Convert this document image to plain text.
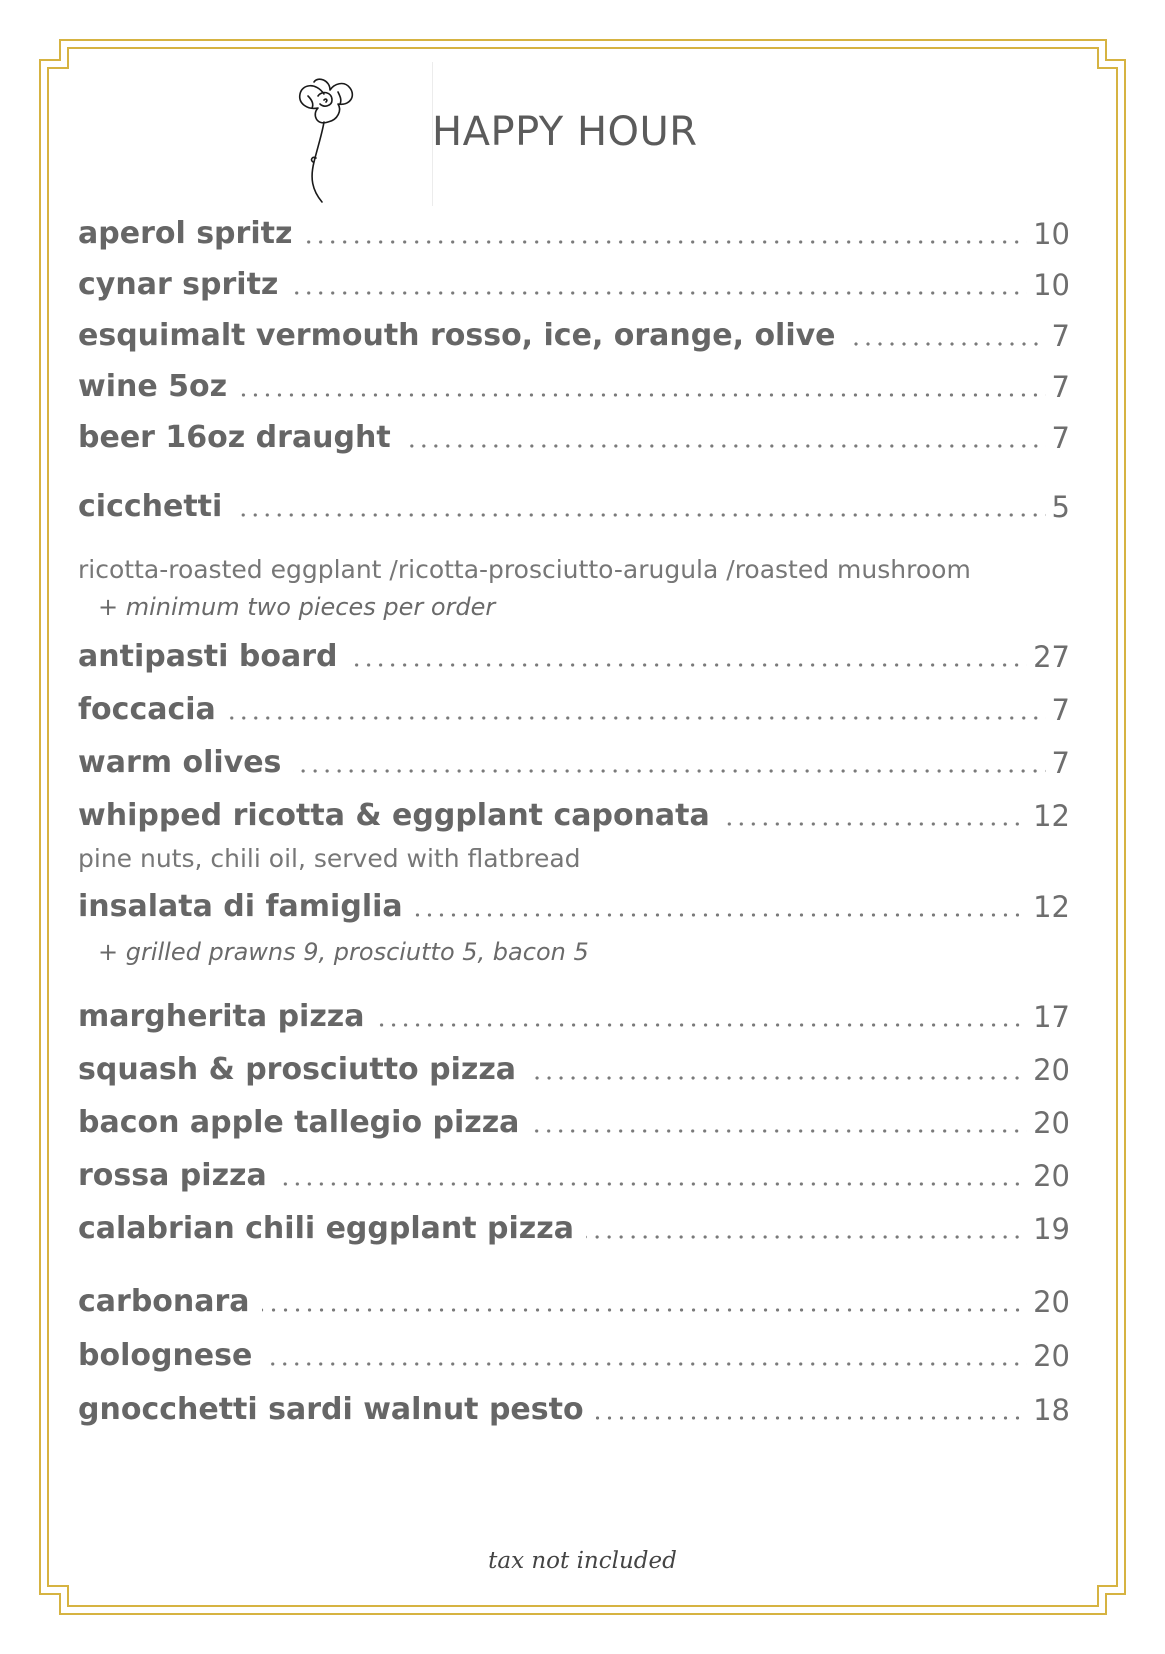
HAPPY HOUR
aperol spritz	10
cynar spritz	10
esquimalt vermouth rosso, ice, orange, olive	7
wine 5oz	7
beer 16oz draught	7
cicchetti	5
ricotta-roasted eggplant /ricotta-prosciutto-arugula /roasted mushroom
+ minimum two pieces per order
antipasti board	27
foccacia	7
warm olives	7
whipped ricotta & eggplant caponata	12
pine nuts, chili oil, served with flatbread
insalata di famiglia	12
+ grilled prawns 9, prosciutto 5, bacon 5
margherita pizza	17
squash & prosciutto pizza	20
bacon apple tallegio pizza	20
rossa pizza	20
calabrian chili eggplant pizza	19
carbonara	20
bolognese	20
gnocchetti sardi walnut pesto	18
tax not included
